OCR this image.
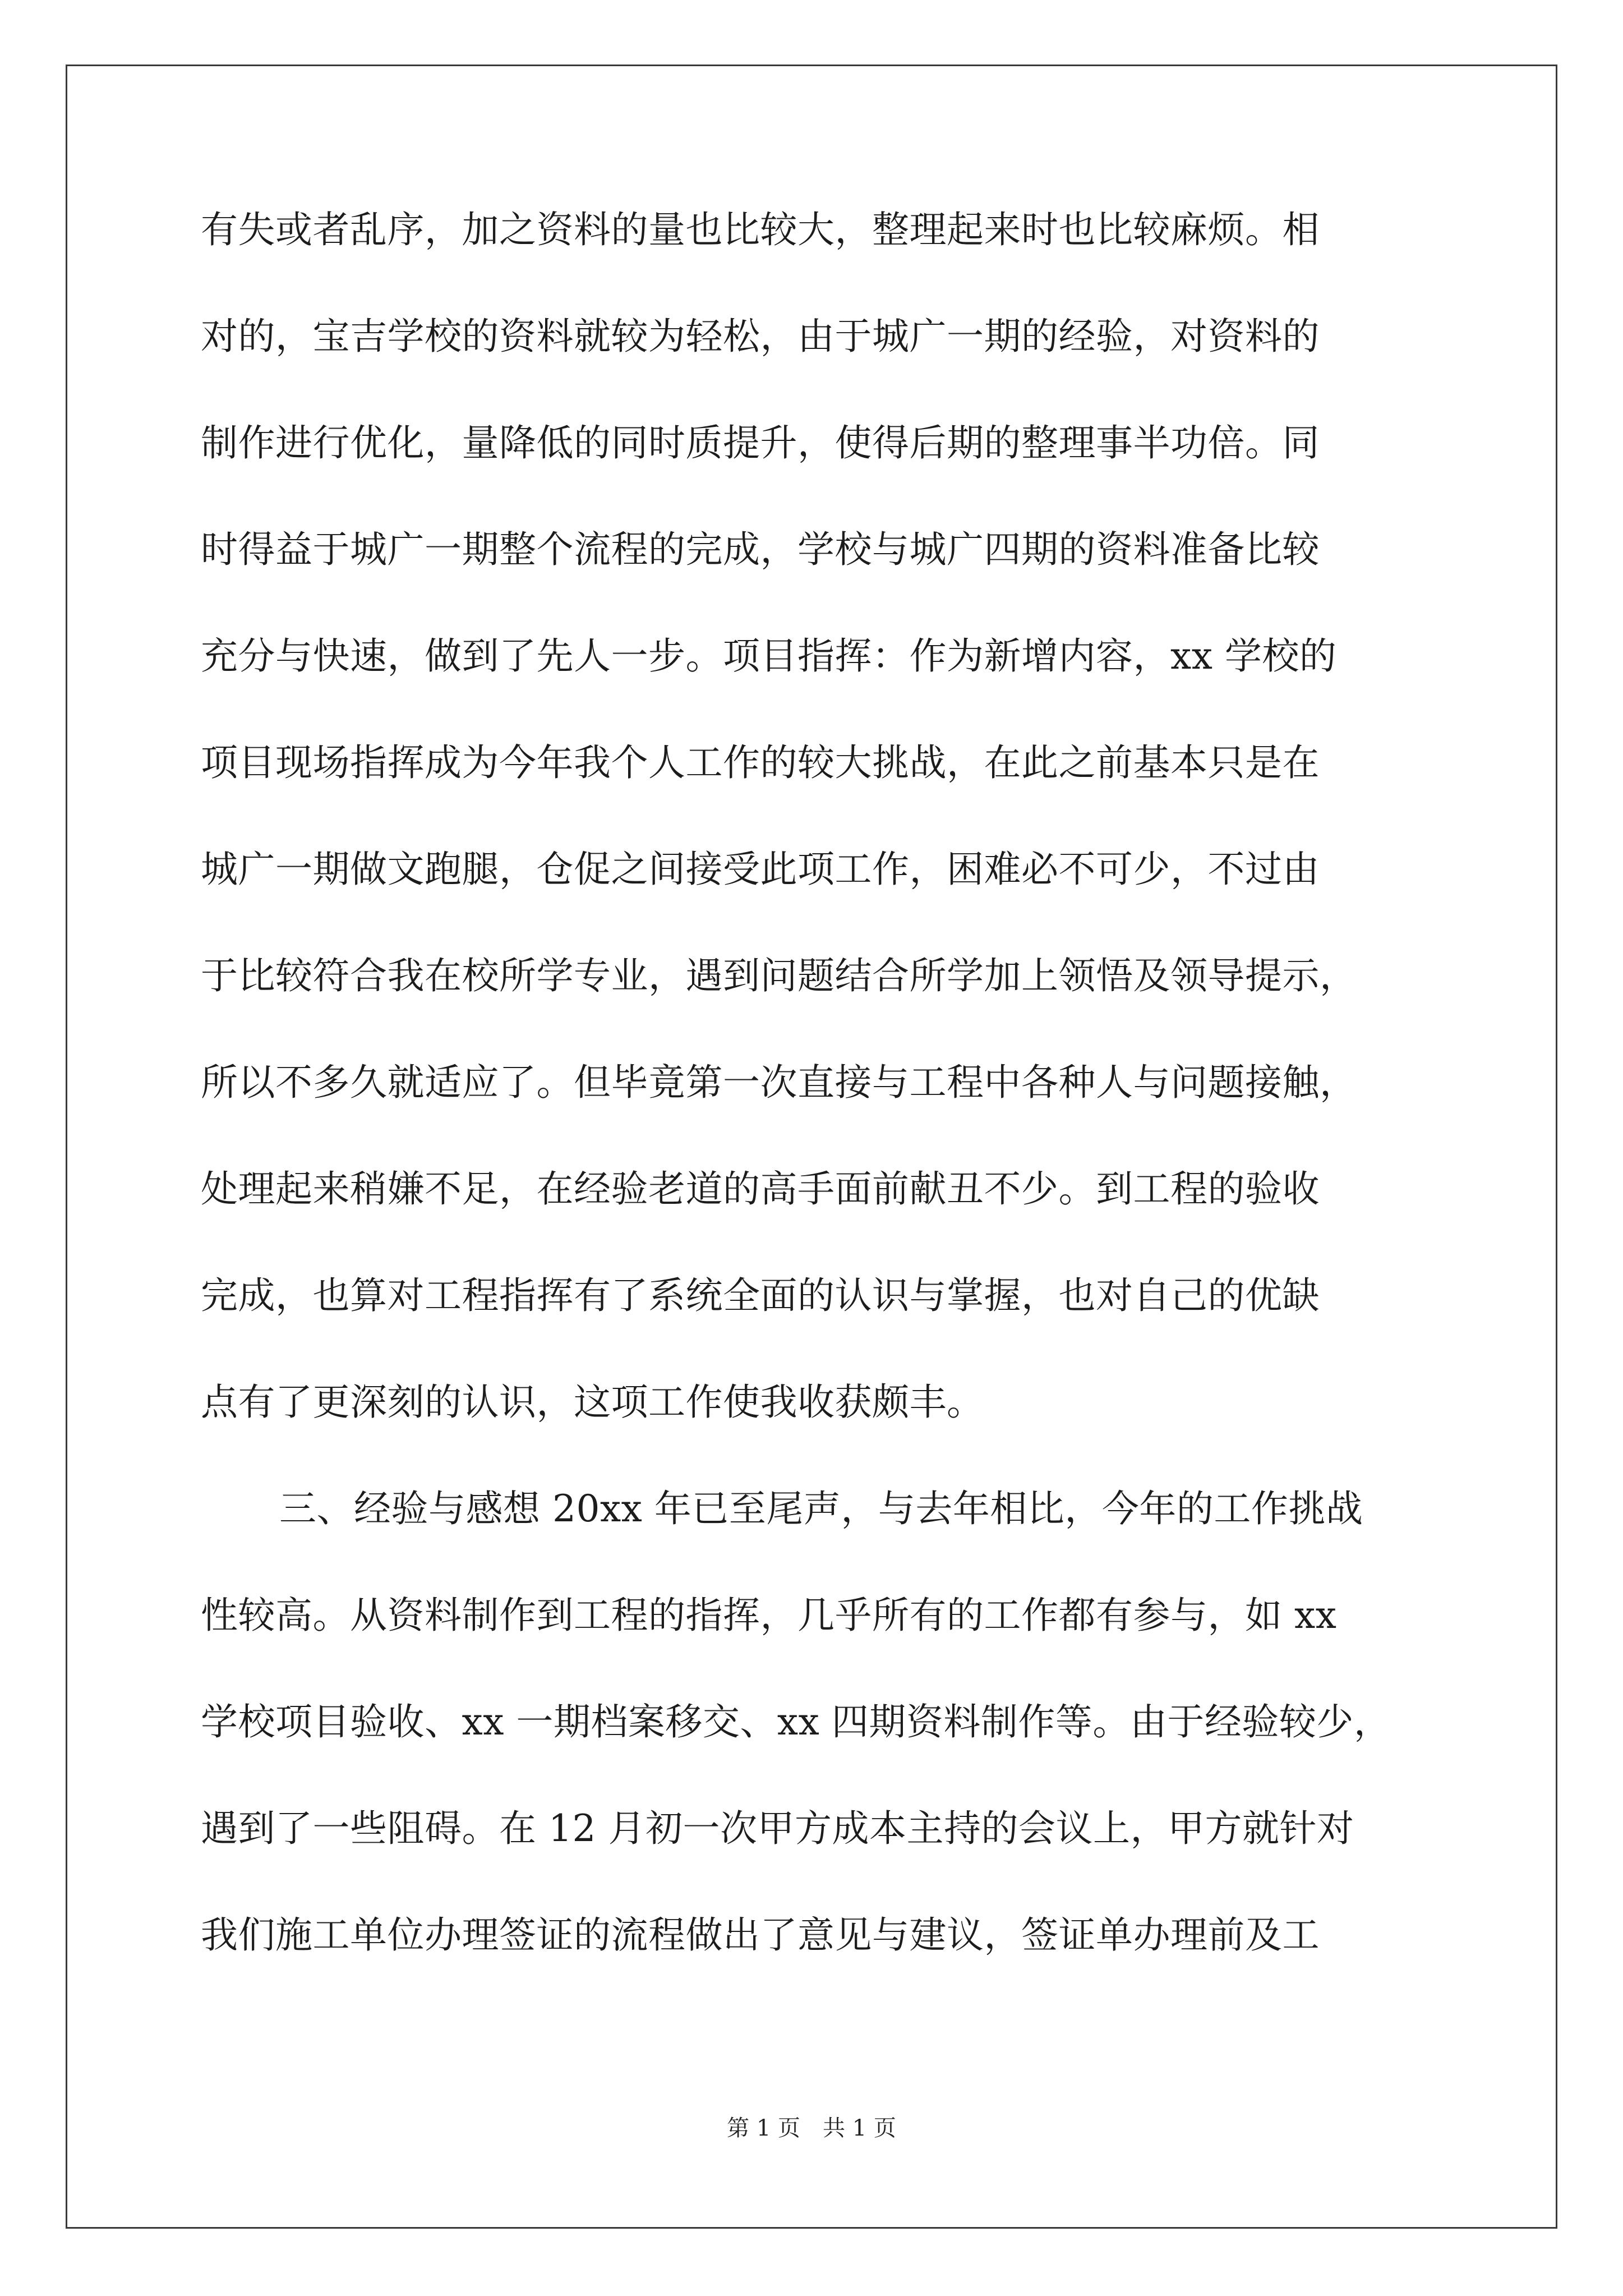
有失或者乱序，加之资料的量也比较大，整理起来时也比较麻烦。相
对的，宝吉学校的资料就较为轻松，由于城广一期的经验，对资料的
制作进行优化，量降低的同时质提升，使得后期的整理事半功倍。同
时得益于城广一期整个流程的完成，学校与城广四期的资料准备比较
充分与快速，做到了先人一步。项目指挥：作为新增内容，xx 学校的
项目现场指挥成为今年我个人工作的较大挑战，在此之前基本只是在
城广一期做文跑腿，仓促之间接受此项工作，困难必不可少，不过由
于比较符合我在校所学专业，遇到问题结合所学加上领悟及领导提示，
所以不多久就适应了。但毕竟第一次直接与工程中各种人与问题接触，
处理起来稍嫌不足，在经验老道的高手面前献丑不少。到工程的验收
完成，也算对工程指挥有了系统全面的认识与掌握，也对自己的优缺
点有了更深刻的认识，这项工作使我收获颇丰。
三、经验与感想 20xx 年已至尾声，与去年相比，今年的工作挑战
性较高。从资料制作到工程的指挥，几乎所有的工作都有参与，如 xx
学校项目验收、xx 一期档案移交、xx 四期资料制作等。由于经验较少，
遇到了一些阻碍。在 12 月初一次甲方成本主持的会议上，甲方就针对
我们施工单位办理签证的流程做出了意见与建议，签证单办理前及工
第 1 页　共 1 页
